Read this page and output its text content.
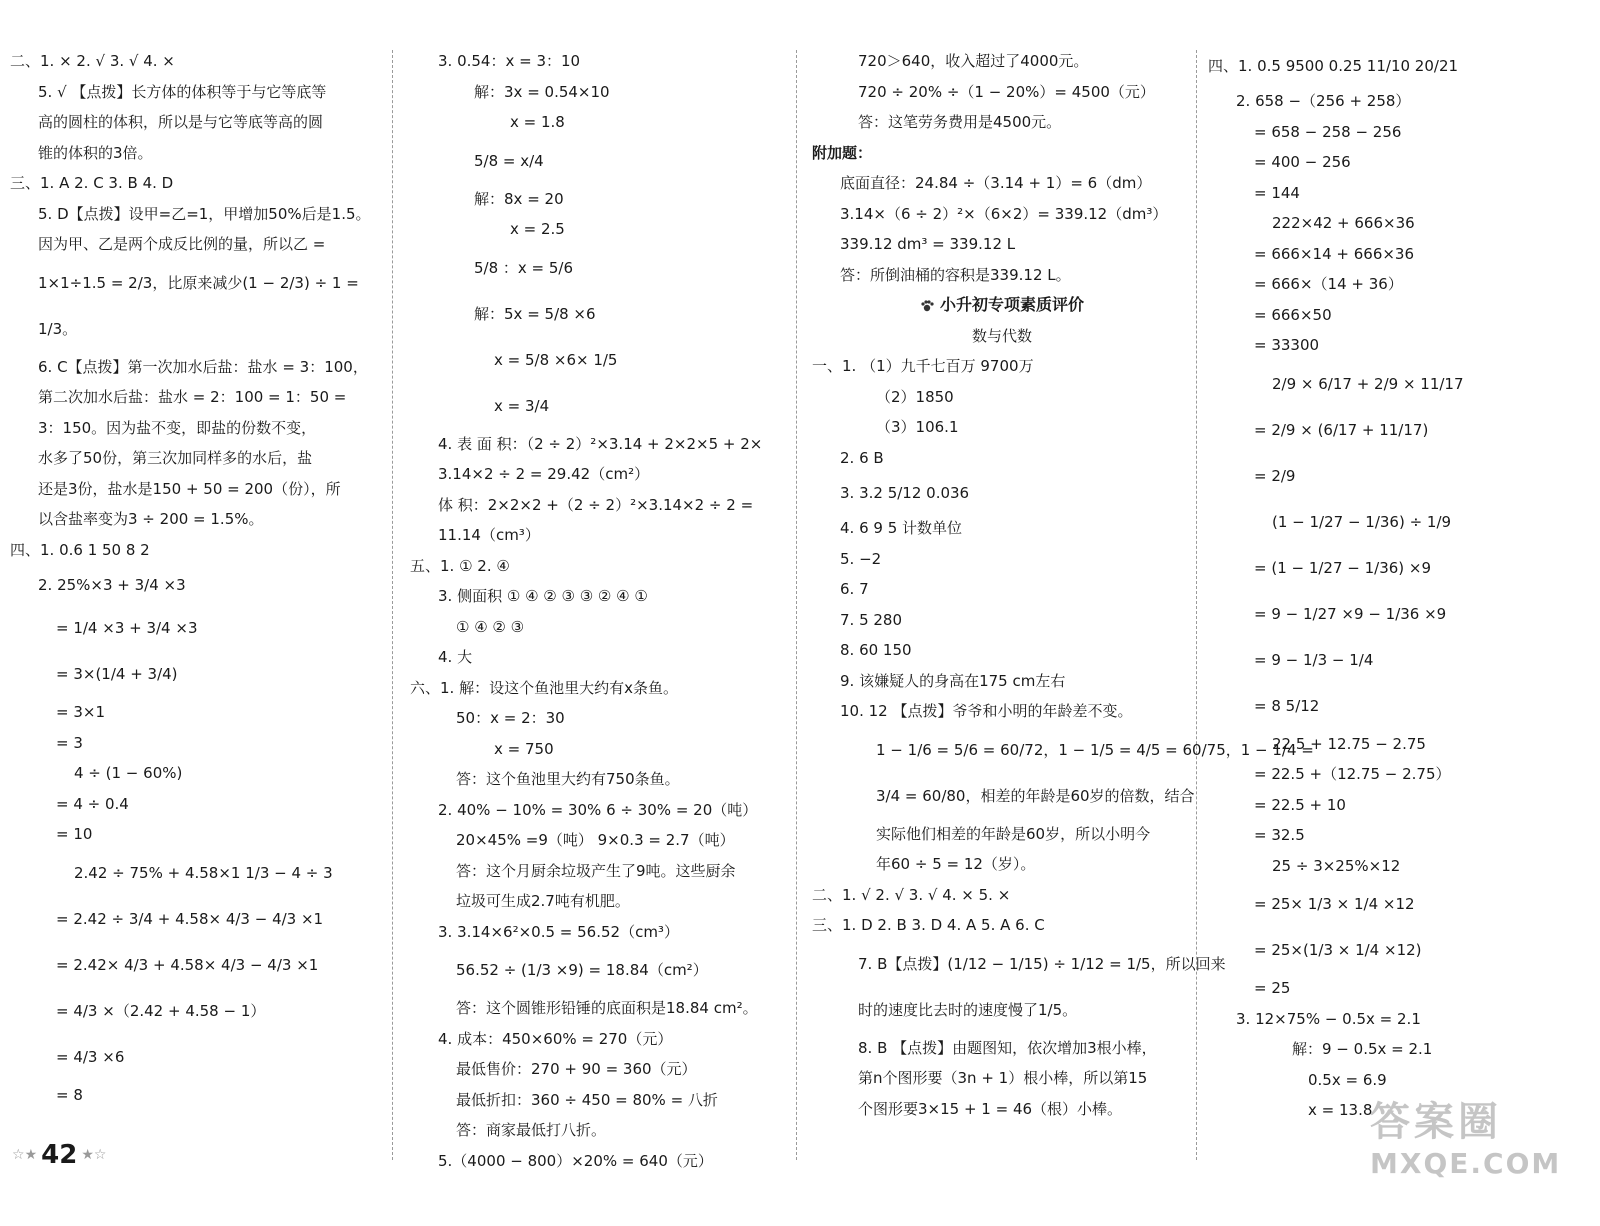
二、1. × 2. √ 3. √ 4. ×
5. √ 【点拨】长方体的体积等于与它等底等
高的圆柱的体积，所以是与它等底等高的圆
锥的体积的3倍。
三、1. A 2. C 3. B 4. D
5. D【点拨】设甲=乙=1，甲增加50%后是1.5。
因为甲、乙是两个成反比例的量，所以乙 =
1×1÷1.5 = 2/3，比原来减少(1 − 2/3) ÷ 1 =
1/3。
6. C【点拨】第一次加水后盐：盐水 = 3：100，
第二次加水后盐：盐水 = 2：100 = 1：50 =
3：150。因为盐不变，即盐的份数不变，
水多了50份，第三次加同样多的水后，盐
还是3份，盐水是150 + 50 = 200（份），所
以含盐率变为3 ÷ 200 = 1.5%。
四、1. 0.6 1 50 8 2
2. 25%×3 + 3/4 ×3
= 1/4 ×3 + 3/4 ×3
= 3×(1/4 + 3/4)
= 3×1
= 3
4 ÷ (1 − 60%)
= 4 ÷ 0.4
= 10
2.42 ÷ 75% + 4.58×1 1/3 − 4 ÷ 3
= 2.42 ÷ 3/4 + 4.58× 4/3 − 4/3 ×1
= 2.42× 4/3 + 4.58× 4/3 − 4/3 ×1
= 4/3 ×（2.42 + 4.58 − 1）
= 4/3 ×6
= 8
3. 0.54：x = 3：10
解：3x = 0.54×10
x = 1.8
5/8 = x/4
解：8x = 20
x = 2.5
5/8 ：x = 5/6
解：5x = 5/8 ×6
x = 5/8 ×6× 1/5
x = 3/4
4. 表 面 积：（2 ÷ 2）²×3.14 + 2×2×5 + 2×
3.14×2 ÷ 2 = 29.42（cm²）
体 积：2×2×2 +（2 ÷ 2）²×3.14×2 ÷ 2 =
11.14（cm³）
五、1. ① 2. ④
3. 侧面积 ① ④ ② ③ ③ ② ④ ①
① ④ ② ③
4. 大
六、1. 解：设这个鱼池里大约有x条鱼。
50：x = 2：30
x = 750
答：这个鱼池里大约有750条鱼。
2. 40% − 10% = 30% 6 ÷ 30% = 20（吨）
20×45% =9（吨） 9×0.3 = 2.7（吨）
答：这个月厨余垃圾产生了9吨。这些厨余
垃圾可生成2.7吨有机肥。
3. 3.14×6²×0.5 = 56.52（cm³）
56.52 ÷ (1/3 ×9) = 18.84（cm²）
答：这个圆锥形铅锤的底面积是18.84 cm²。
4. 成本：450×60% = 270（元）
最低售价：270 + 90 = 360（元）
最低折扣：360 ÷ 450 = 80% = 八折
答：商家最低打八折。
5.（4000 − 800）×20% = 640（元）
720＞640，收入超过了4000元。
720 ÷ 20% ÷（1 − 20%）= 4500（元）
答：这笔劳务费用是4500元。
附加题：
底面直径：24.84 ÷（3.14 + 1）= 6（dm）
3.14×（6 ÷ 2）²×（6×2）= 339.12（dm³）
339.12 dm³ = 339.12 L
答：所倒油桶的容积是339.12 L。
小升初专项素质评价
数与代数
一、1. （1）九千七百万 9700万
（2）1850
（3）106.1
2. 6 B
3. 3.2 5/12 0.036
4. 6 9 5 计数单位
5. −2
6. 7
7. 5 280
8. 60 150
9. 该嫌疑人的身高在175 cm左右
10. 12 【点拨】爷爷和小明的年龄差不变。
1 − 1/6 = 5/6 = 60/72，1 − 1/5 = 4/5 = 60/75，1 − 1/4 =
3/4 = 60/80，相差的年龄是60岁的倍数，结合
实际他们相差的年龄是60岁，所以小明今
年60 ÷ 5 = 12（岁）。
二、1. √ 2. √ 3. √ 4. × 5. ×
三、1. D 2. B 3. D 4. A 5. A 6. C
7. B【点拨】(1/12 − 1/15) ÷ 1/12 = 1/5，所以回来
时的速度比去时的速度慢了1/5。
8. B 【点拨】由题图知，依次增加3根小棒，
第n个图形要（3n + 1）根小棒，所以第15
个图形要3×15 + 1 = 46（根）小棒。
四、1. 0.5 9500 0.25 11/10 20/21
2. 658 −（256 + 258）
= 658 − 258 − 256
= 400 − 256
= 144
222×42 + 666×36
= 666×14 + 666×36
= 666×（14 + 36）
= 666×50
= 33300
2/9 × 6/17 + 2/9 × 11/17
= 2/9 × (6/17 + 11/17)
= 2/9
(1 − 1/27 − 1/36) ÷ 1/9
= (1 − 1/27 − 1/36) ×9
= 9 − 1/27 ×9 − 1/36 ×9
= 9 − 1/3 − 1/4
= 8 5/12
22.5 + 12.75 − 2.75
= 22.5 +（12.75 − 2.75）
= 22.5 + 10
= 32.5
25 ÷ 3×25%×12
= 25× 1/3 × 1/4 ×12
= 25×(1/3 × 1/4 ×12)
= 25
3. 12×75% − 0.5x = 2.1
解：9 − 0.5x = 2.1
0.5x = 6.9
x = 13.8
☆ ★ 42 ★ ☆
答案圈
MXQE.COM
